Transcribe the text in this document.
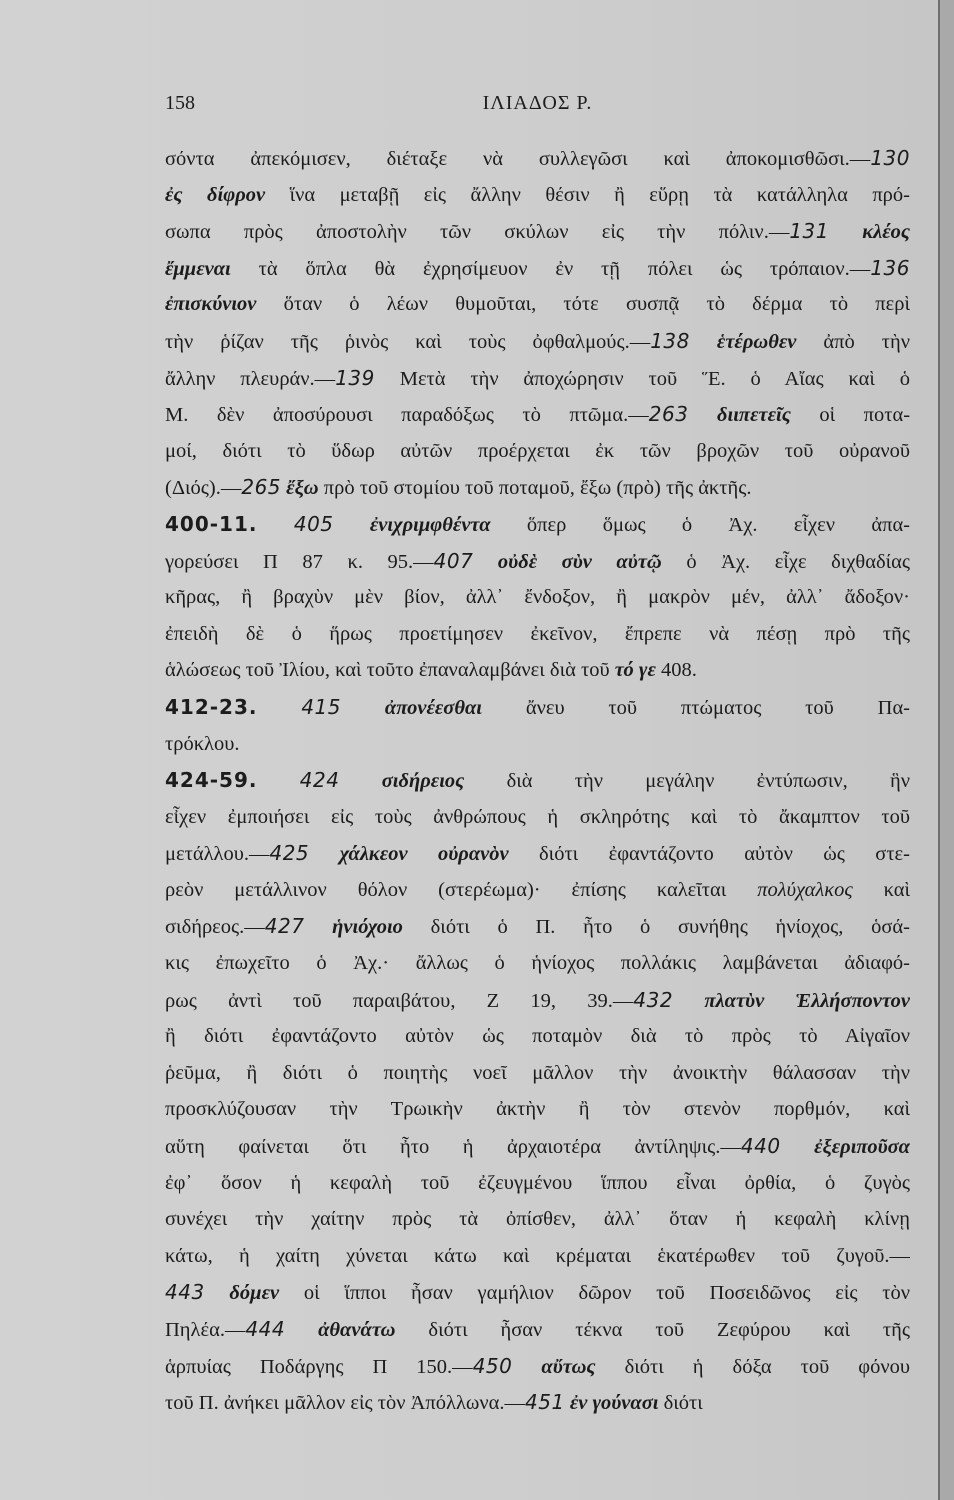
158	ΙΛΙΑΔΟΣ Ρ.
σόντα ἀπεκόμισεν, διέταξε νὰ συλλεγῶσι καὶ ἀποκομισθῶσι.—130
ἐς δίφρον ἵνα μεταβῇ εἰς ἄλλην θέσιν ἢ εὕρῃ τὰ κατάλληλα πρό-
σωπα πρὸς ἀποστολὴν τῶν σκύλων εἰς τὴν πόλιν.—131 κλέος
ἔμμεναι τὰ ὅπλα θὰ ἐχρησίμευον ἐν τῇ πόλει ὡς τρόπαιον.—136
ἐπισκύνιον ὅταν ὁ λέων θυμοῦται, τότε συσπᾷ τὸ δέρμα τὸ περὶ
τὴν ῥίζαν τῆς ῥινὸς καὶ τοὺς ὀφθαλμούς.—138 ἑτέρωθεν ἀπὸ τὴν
ἄλλην πλευράν.—139 Μετὰ τὴν ἀποχώρησιν τοῦ Ἕ. ὁ Αἴας καὶ ὁ
Μ. δὲν ἀποσύρουσι παραδόξως τὸ πτῶμα.—263 διιπετεῖς οἱ ποτα-
μοί, διότι τὸ ὕδωρ αὐτῶν προέρχεται ἐκ τῶν βροχῶν τοῦ οὐρανοῦ
(Διός).—265 ἔξω πρὸ τοῦ στομίου τοῦ ποταμοῦ, ἔξω (πρὸ) τῆς ἀκτῆς.
400-11. 405 ἐνιχριμφθέντα ὅπερ ὅμως ὁ Ἀχ. εἶχεν ἀπα-
γορεύσει Π 87 κ. 95.—407 οὐδὲ σὺν αὐτῷ ὁ Ἀχ. εἶχε διχθαδίας
κῆρας, ἢ βραχὺν μὲν βίον, ἀλλ᾽ ἔνδοξον, ἢ μακρὸν μέν, ἀλλ᾽ ἄδοξον·
ἐπειδὴ δὲ ὁ ἥρως προετίμησεν ἐκεῖνον, ἔπρεπε νὰ πέσῃ πρὸ τῆς
ἁλώσεως τοῦ Ἰλίου, καὶ τοῦτο ἐπαναλαμβάνει διὰ τοῦ τό γε 408.
412-23. 415 ἀπονέεσθαι ἄνευ τοῦ πτώματος τοῦ Πα-
τρόκλου.
424-59. 424 σιδήρειος διὰ τὴν μεγάλην ἐντύπωσιν, ἣν
εἶχεν ἐμποιήσει εἰς τοὺς ἀνθρώπους ἡ σκληρότης καὶ τὸ ἄκαμπτον τοῦ
μετάλλου.—425 χάλκεον οὐρανὸν διότι ἐφαντάζοντο αὐτὸν ὡς στε-
ρεὸν μετάλλινον θόλον (στερέωμα)· ἐπίσης καλεῖται πολύχαλκος καὶ
σιδήρεος.—427 ἡνιόχοιο διότι ὁ Π. ἦτο ὁ συνήθης ἡνίοχος, ὁσά-
κις ἐπωχεῖτο ὁ Ἀχ.· ἄλλως ὁ ἡνίοχος πολλάκις λαμβάνεται ἀδιαφό-
ρως ἀντὶ τοῦ παραιβάτου, Ζ 19, 39.—432 πλατὺν Ἑλλήσποντον
ἢ διότι ἐφαντάζοντο αὐτὸν ὡς ποταμὸν διὰ τὸ πρὸς τὸ Αἰγαῖον
ῥεῦμα, ἢ διότι ὁ ποιητὴς νοεῖ μᾶλλον τὴν ἀνοικτὴν θάλασσαν τὴν
προσκλύζουσαν τὴν Τρωικὴν ἀκτὴν ἢ τὸν στενὸν πορθμόν, καὶ
αὕτη φαίνεται ὅτι ἦτο ἡ ἀρχαιοτέρα ἀντίληψις.—440 ἐξεριποῦσα
ἐφ᾽ ὅσον ἡ κεφαλὴ τοῦ ἐζευγμένου ἵππου εἶναι ὀρθία, ὁ ζυγὸς
συνέχει τὴν χαίτην πρὸς τὰ ὀπίσθεν, ἀλλ᾽ ὅταν ἡ κεφαλὴ κλίνῃ
κάτω, ἡ χαίτη χύνεται κάτω καὶ κρέμαται ἑκατέρωθεν τοῦ ζυγοῦ.—
443 δόμεν οἱ ἵπποι ἦσαν γαμήλιον δῶρον τοῦ Ποσειδῶνος εἰς τὸν
Πηλέα.—444 ἀθανάτω διότι ἦσαν τέκνα τοῦ Ζεφύρου καὶ τῆς
ἁρπυίας Ποδάργης Π 150.—450 αὔτως διότι ἡ δόξα τοῦ φόνου
τοῦ Π. ἀνήκει μᾶλλον εἰς τὸν Ἀπόλλωνα.—451 ἐν γούνασι διότι
